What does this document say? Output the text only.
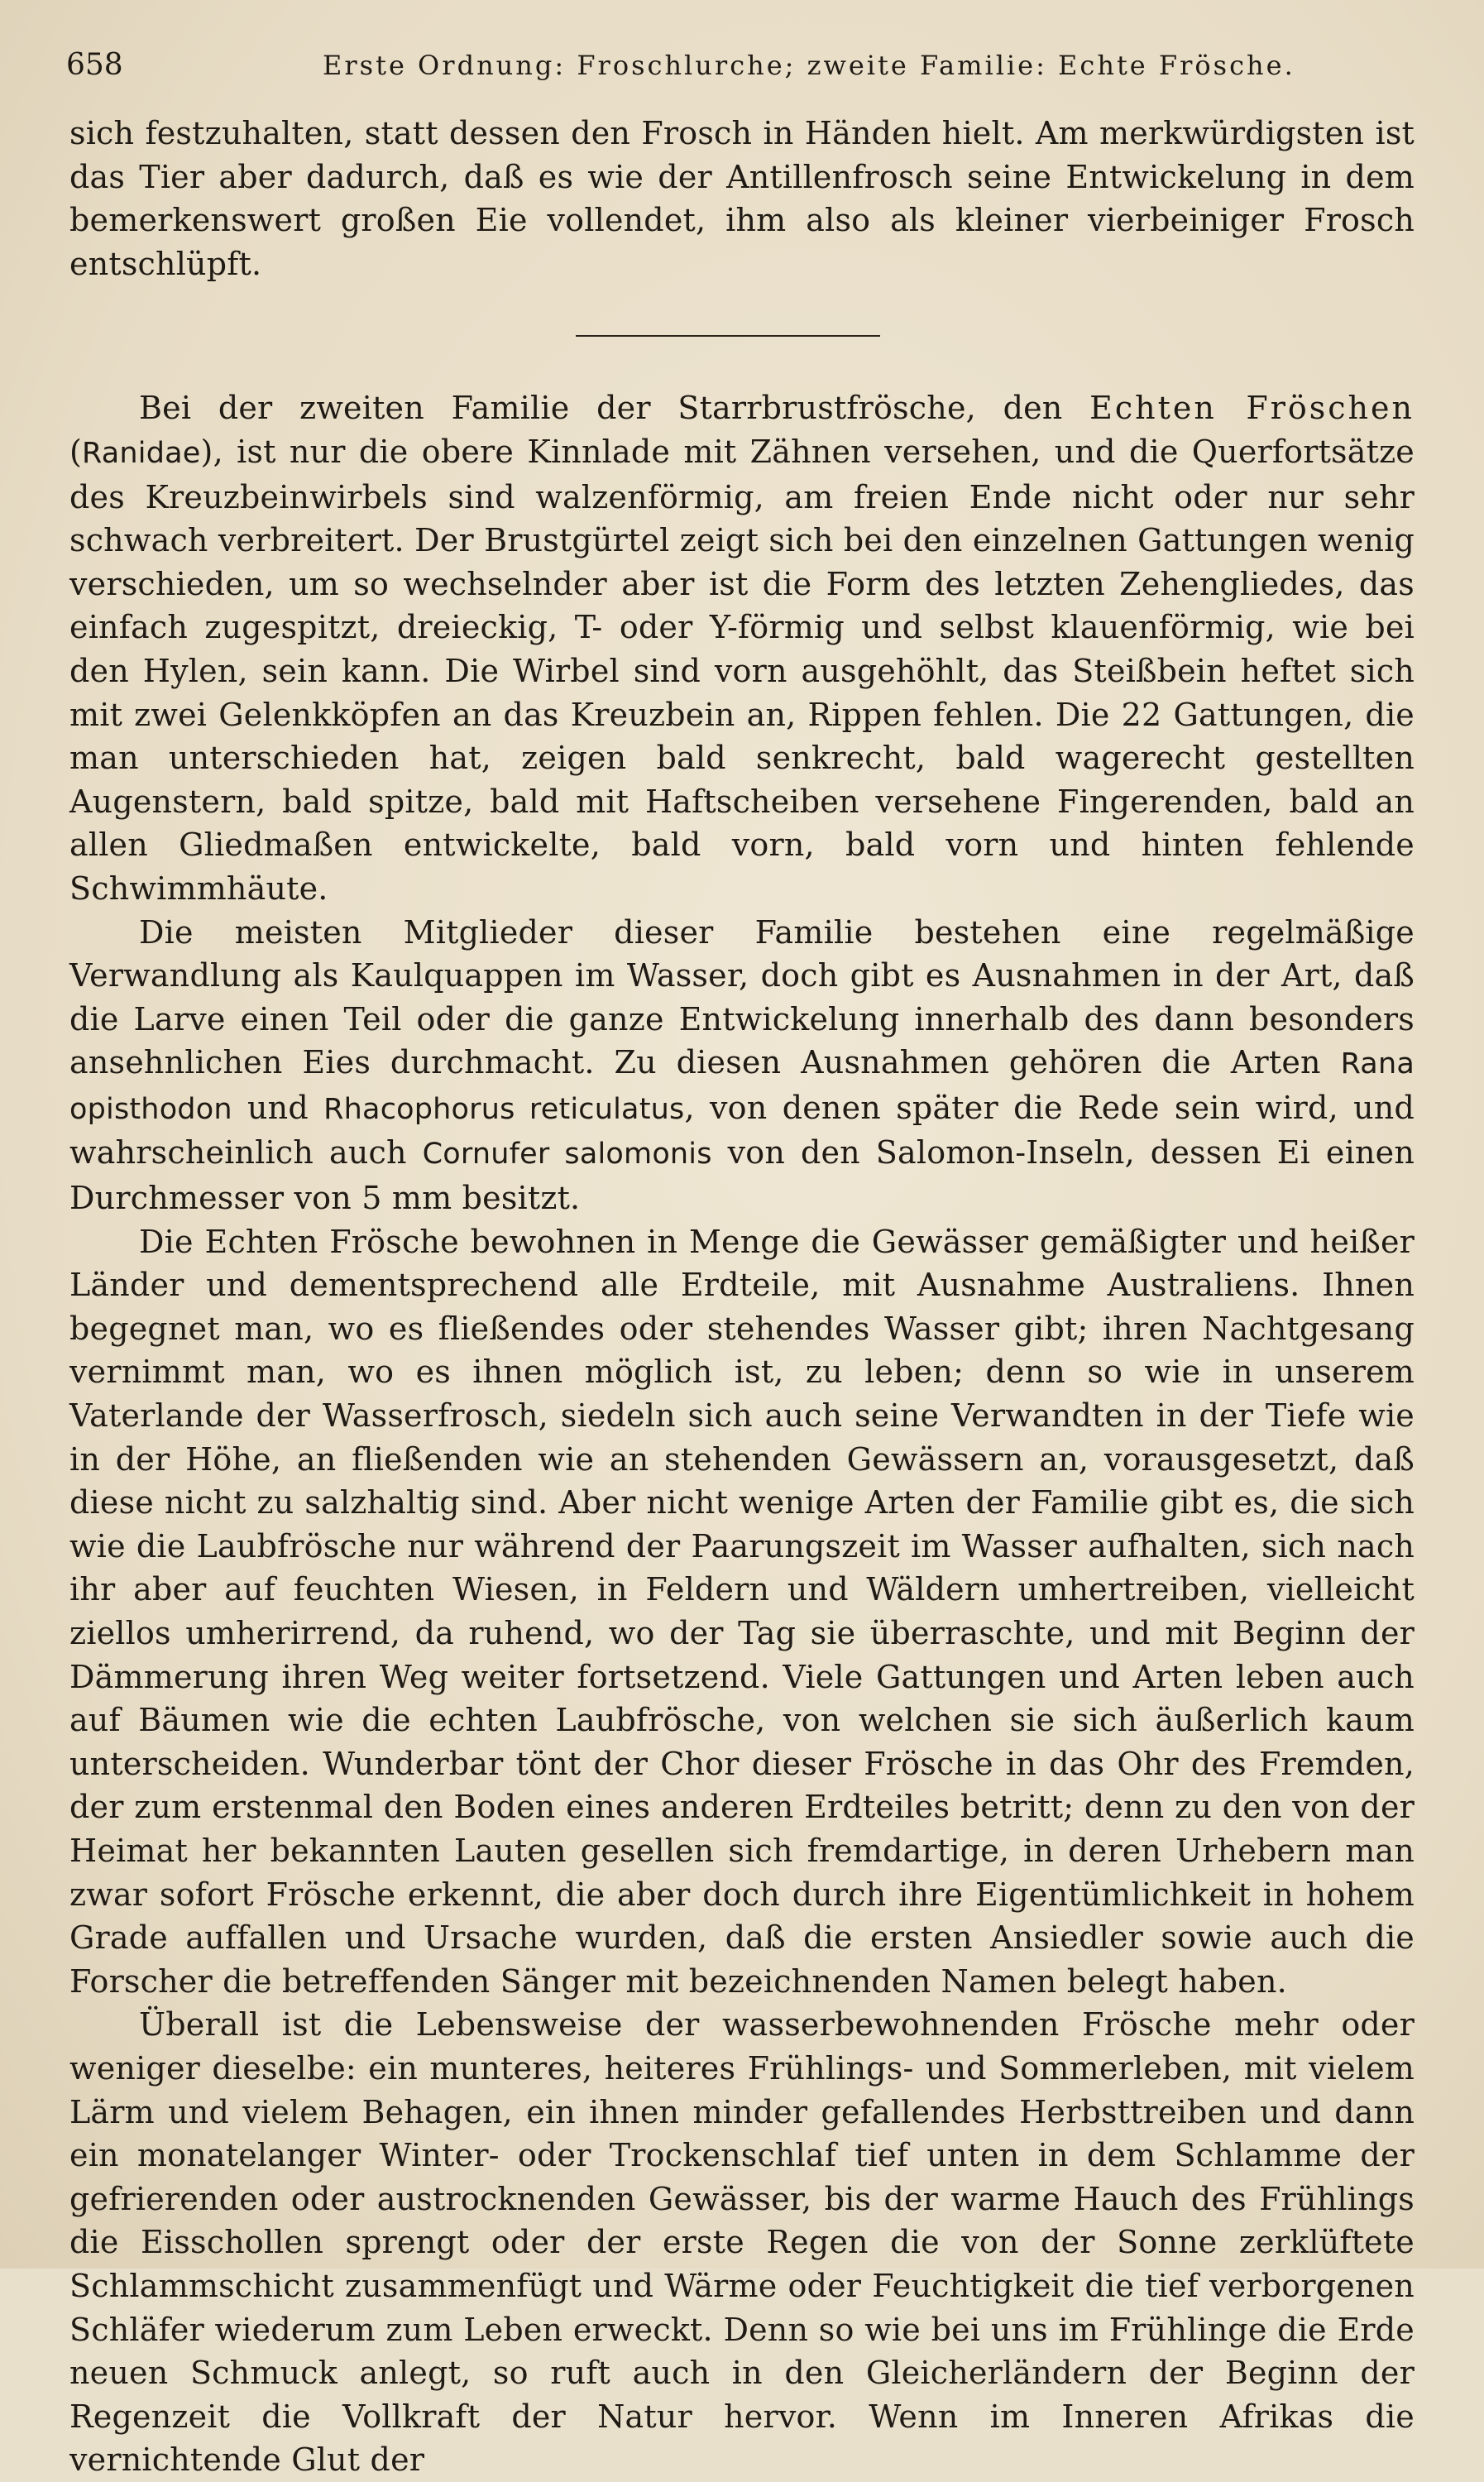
658	Erste Ordnung: Froschlurche; zweite Familie: Echte Frösche.

sich festzuhalten, statt dessen den Frosch in Händen hielt. Am merkwürdigsten ist das Tier aber dadurch, daß es wie der Antillenfrosch seine Entwickelung in dem bemerkenswert großen Eie vollendet, ihm also als kleiner vierbeiniger Frosch entschlüpft.

Bei der zweiten Familie der Starrbrustfrösche, den Echten Fröschen (Ranidae), ist nur die obere Kinnlade mit Zähnen versehen, und die Querfortsätze des Kreuzbeinwirbels sind walzenförmig, am freien Ende nicht oder nur sehr schwach verbreitert. Der Brustgürtel zeigt sich bei den einzelnen Gattungen wenig verschieden, um so wechselnder aber ist die Form des letzten Zehengliedes, das einfach zugespitzt, dreieckig, T- oder Y-förmig und selbst klauenförmig, wie bei den Hylen, sein kann. Die Wirbel sind vorn ausgehöhlt, das Steißbein heftet sich mit zwei Gelenkköpfen an das Kreuzbein an, Rippen fehlen. Die 22 Gattungen, die man unterschieden hat, zeigen bald senkrecht, bald wagerecht gestellten Augenstern, bald spitze, bald mit Haftscheiben versehene Fingerenden, bald an allen Gliedmaßen entwickelte, bald vorn, bald vorn und hinten fehlende Schwimmhäute.

Die meisten Mitglieder dieser Familie bestehen eine regelmäßige Verwandlung als Kaulquappen im Wasser, doch gibt es Ausnahmen in der Art, daß die Larve einen Teil oder die ganze Entwickelung innerhalb des dann besonders ansehnlichen Eies durchmacht. Zu diesen Ausnahmen gehören die Arten Rana opisthodon und Rhacophorus reticulatus, von denen später die Rede sein wird, und wahrscheinlich auch Cornufer salomonis von den Salomon-Inseln, dessen Ei einen Durchmesser von 5 mm besitzt.

Die Echten Frösche bewohnen in Menge die Gewässer gemäßigter und heißer Länder und dementsprechend alle Erdteile, mit Ausnahme Australiens. Ihnen begegnet man, wo es fließendes oder stehendes Wasser gibt; ihren Nachtgesang vernimmt man, wo es ihnen möglich ist, zu leben; denn so wie in unserem Vaterlande der Wasserfrosch, siedeln sich auch seine Verwandten in der Tiefe wie in der Höhe, an fließenden wie an stehenden Gewässern an, vorausgesetzt, daß diese nicht zu salzhaltig sind. Aber nicht wenige Arten der Familie gibt es, die sich wie die Laubfrösche nur während der Paarungszeit im Wasser aufhalten, sich nach ihr aber auf feuchten Wiesen, in Feldern und Wäldern umhertreiben, vielleicht ziellos umherirrend, da ruhend, wo der Tag sie überraschte, und mit Beginn der Dämmerung ihren Weg weiter fortsetzend. Viele Gattungen und Arten leben auch auf Bäumen wie die echten Laubfrösche, von welchen sie sich äußerlich kaum unterscheiden. Wunderbar tönt der Chor dieser Frösche in das Ohr des Fremden, der zum erstenmal den Boden eines anderen Erdteiles betritt; denn zu den von der Heimat her bekannten Lauten gesellen sich fremdartige, in deren Urhebern man zwar sofort Frösche erkennt, die aber doch durch ihre Eigentümlichkeit in hohem Grade auffallen und Ursache wurden, daß die ersten Ansiedler sowie auch die Forscher die betreffenden Sänger mit bezeichnenden Namen belegt haben.

Überall ist die Lebensweise der wasserbewohnenden Frösche mehr oder weniger dieselbe: ein munteres, heiteres Frühlings- und Sommerleben, mit vielem Lärm und vielem Behagen, ein ihnen minder gefallendes Herbsttreiben und dann ein monatelanger Winter- oder Trockenschlaf tief unten in dem Schlamme der gefrierenden oder austrocknenden Gewässer, bis der warme Hauch des Frühlings die Eisschollen sprengt oder der erste Regen die von der Sonne zerklüftete Schlammschicht zusammenfügt und Wärme oder Feuchtigkeit die tief verborgenen Schläfer wiederum zum Leben erweckt. Denn so wie bei uns im Frühlinge die Erde neuen Schmuck anlegt, so ruft auch in den Gleicherländern der Beginn der Regenzeit die Vollkraft der Natur hervor. Wenn im Inneren Afrikas die vernichtende Glut der
